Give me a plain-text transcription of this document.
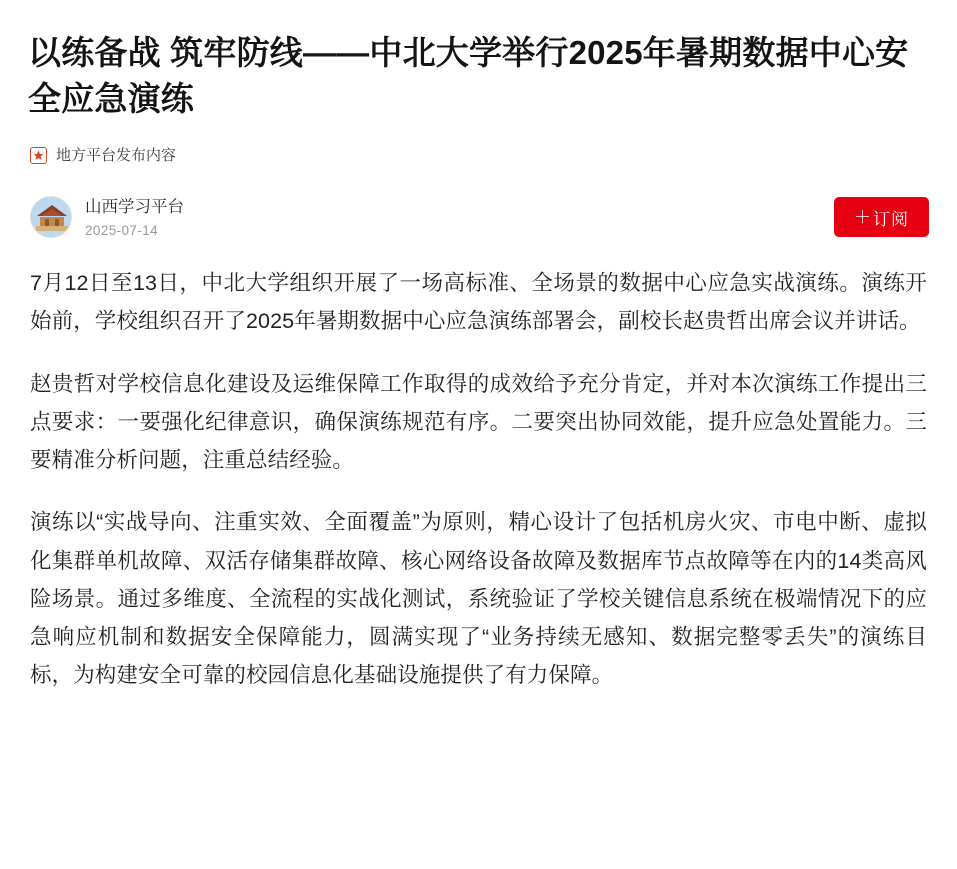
以练备战 筑牢防线——中北大学举行2025年暑期数据中心安全应急演练
地方平台发布内容
山西学习平台
2025-07-14
＋ 订阅

7月12日至13日，中北大学组织开展了一场高标准、全场景的数据中心应急实战演练。演练开始前，学校组织召开了2025年暑期数据中心应急演练部署会，副校长赵贵哲出席会议并讲话。

赵贵哲对学校信息化建设及运维保障工作取得的成效给予充分肯定，并对本次演练工作提出三点要求：一要强化纪律意识，确保演练规范有序。二要突出协同效能，提升应急处置能力。三要精准分析问题，注重总结经验。

演练以“实战导向、注重实效、全面覆盖”为原则，精心设计了包括机房火灾、市电中断、虚拟化集群单机故障、双活存储集群故障、核心网络设备故障及数据库节点故障等在内的14类高风险场景。通过多维度、全流程的实战化测试，系统验证了学校关键信息系统在极端情况下的应急响应机制和数据安全保障能力，圆满实现了“业务持续无感知、数据完整零丢失”的演练目标，为构建安全可靠的校园信息化基础设施提供了有力保障。
